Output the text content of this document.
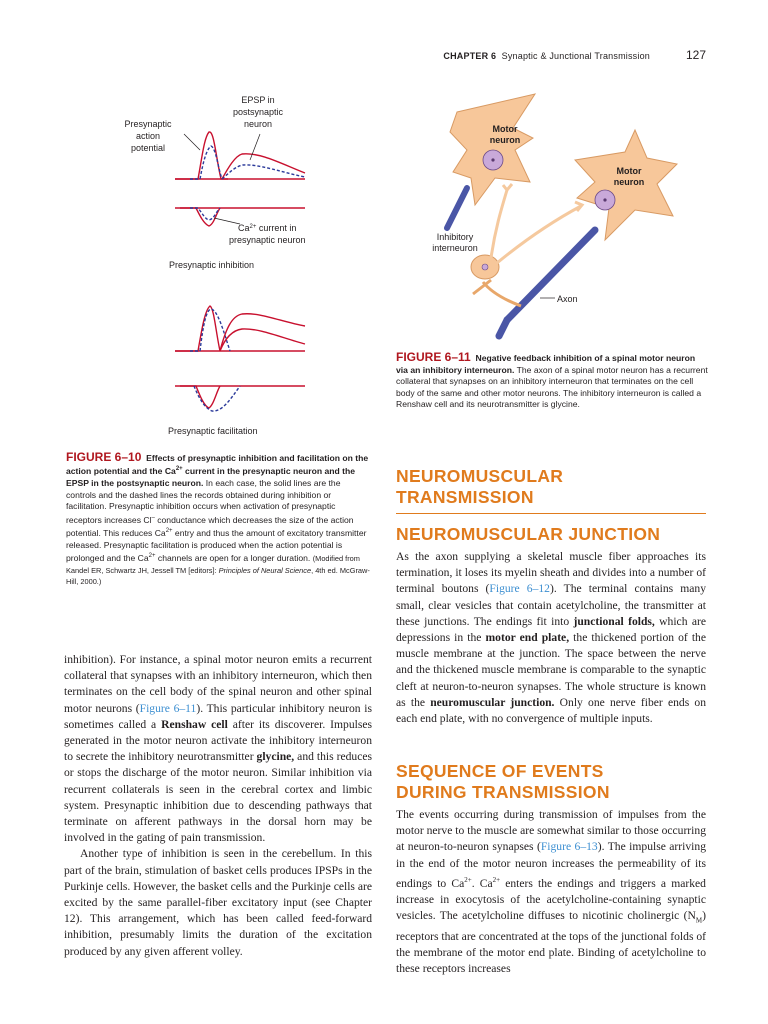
CHAPTER 6 Synaptic & Junctional Transmission	127
EPSP in
postsynaptic
neuron
Presynaptic
action
potential
$Ca^{2+}$ current in
presynaptic neuron
Presynaptic inhibition
Presynaptic facilitation
FIGURE 6–10 Effects of presynaptic inhibition and facilitation on the action potential and the $Ca^{2+}$ current in the presynaptic neuron and the EPSP in the postsynaptic neuron. In each case, the solid lines are the controls and the dashed lines the records obtained during inhibition or facilitation. Presynaptic inhibition occurs when activation of presynaptic receptors increases Cl– conductance which decreases the size of the action potential. This reduces $Ca^{2+}$ entry and thus the amount of excitatory transmitter released. Presynaptic facilitation is produced when the action potential is prolonged and the $Ca^{2+}$ channels are open for a longer duration. (Modified from Kandel ER, Schwartz JH, Jessell TM [editors]: Principles of Neural Science, 4th ed. McGraw-Hill, 2000.)
Motor
neuron
Motor
neuron
Inhibitory
interneuron
Axon
FIGURE 6–11 Negative feedback inhibition of a spinal motor neuron via an inhibitory interneuron. The axon of a spinal motor neuron has a recurrent collateral that synapses on an inhibitory interneuron that terminates on the cell body of the same and other motor neurons. The inhibitory interneuron is called a Renshaw cell and its neurotransmitter is glycine.

inhibition). For instance, a spinal motor neuron emits a recurrent collateral that synapses with an inhibitory interneuron, which then terminates on the cell body of the spinal neuron and other spinal motor neurons (Figure 6–11). This particular inhibitory neuron is sometimes called a Renshaw cell after its discoverer. Impulses generated in the motor neuron activate the inhibitory interneuron to secrete the inhibitory neurotransmitter glycine, and this reduces or stops the discharge of the motor neuron. Similar inhibition via recurrent collaterals is seen in the cerebral cortex and limbic system. Presynaptic inhibition due to descending pathways that terminate on afferent pathways in the dorsal horn may be involved in the gating of pain transmission.

Another type of inhibition is seen in the cerebellum. In this part of the brain, stimulation of basket cells produces IPSPs in the Purkinje cells. However, the basket cells and the Purkinje cells are excited by the same parallel-fiber excitatory input (see Chapter 12). This arrangement, which has been called feed-forward inhibition, presumably limits the duration of the excitation produced by any given afferent volley.

NEUROMUSCULAR
TRANSMISSION
NEUROMUSCULAR JUNCTION

As the axon supplying a skeletal muscle fiber approaches its termination, it loses its myelin sheath and divides into a number of terminal boutons (Figure 6–12). The terminal contains many small, clear vesicles that contain acetylcholine, the transmitter at these junctions. The endings fit into junctional folds, which are depressions in the motor end plate, the thickened portion of the muscle membrane at the junction. The space between the nerve and the thickened muscle membrane is comparable to the synaptic cleft at neuron-to-neuron synapses. The whole structure is known as the neuromuscular junction. Only one nerve fiber ends on each end plate, with no convergence of multiple inputs.

SEQUENCE OF EVENTS
DURING TRANSMISSION

The events occurring during transmission of impulses from the motor nerve to the muscle are somewhat similar to those occurring at neuron-to-neuron synapses (Figure 6–13). The impulse arriving in the end of the motor neuron increases the permeability of its endings to $Ca^{2+}$. $Ca^{2+}$ enters the endings and triggers a marked increase in exocytosis of the acetylcholine-containing synaptic vesicles. The acetylcholine diffuses to nicotinic cholinergic $(N_M)$ receptors that are concentrated at the tops of the junctional folds of the membrane of the motor end plate. Binding of acetylcholine to these receptors increases
